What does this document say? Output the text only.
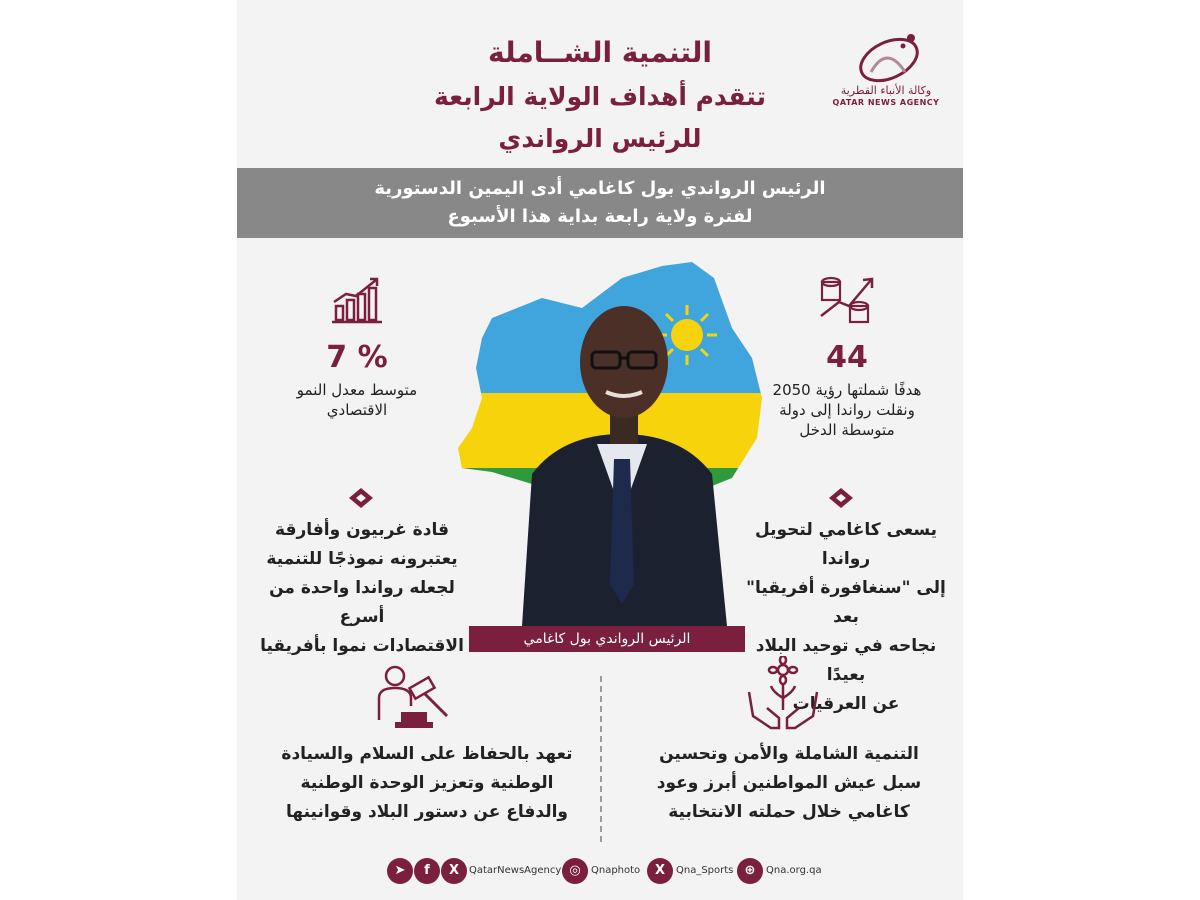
وكالة الأنباء القطرية
QATAR NEWS AGENCY
التنمية الشــاملة
تتقدم أهداف الولاية الرابعة
للرئيس الرواندي
الرئيس الرواندي بول كاغامي أدى اليمين الدستورية
لفترة ولاية رابعة بداية هذا الأسبوع
الرئيس الرواندي بول كاغامي
7 %
متوسط معدل النمو
الاقتصادي
44
هدفًا شملتها رؤية 2050
ونقلت رواندا إلى دولة
متوسطة الدخل
قادة غربيون وأفارقة
يعتبرونه نموذجًا للتنمية
لجعله رواندا واحدة من أسرع
الاقتصادات نموا بأفريقيا
يسعى كاغامي لتحويل رواندا
إلى "سنغافورة أفريقيا" بعد
نجاحه في توحيد البلاد بعيدًا
عن العرقيات
تعهد بالحفاظ على السلام والسيادة
الوطنية وتعزيز الوحدة الوطنية
والدفاع عن دستور البلاد وقوانينها
التنمية الشاملة والأمن وتحسين
سبل عيش المواطنين أبرز وعود
كاغامي خلال حملته الانتخابية
➤	f	X QatarNewsAgency ◎	Qnaphoto	X	Qna_Sports ⊕	Qna.org.qa
